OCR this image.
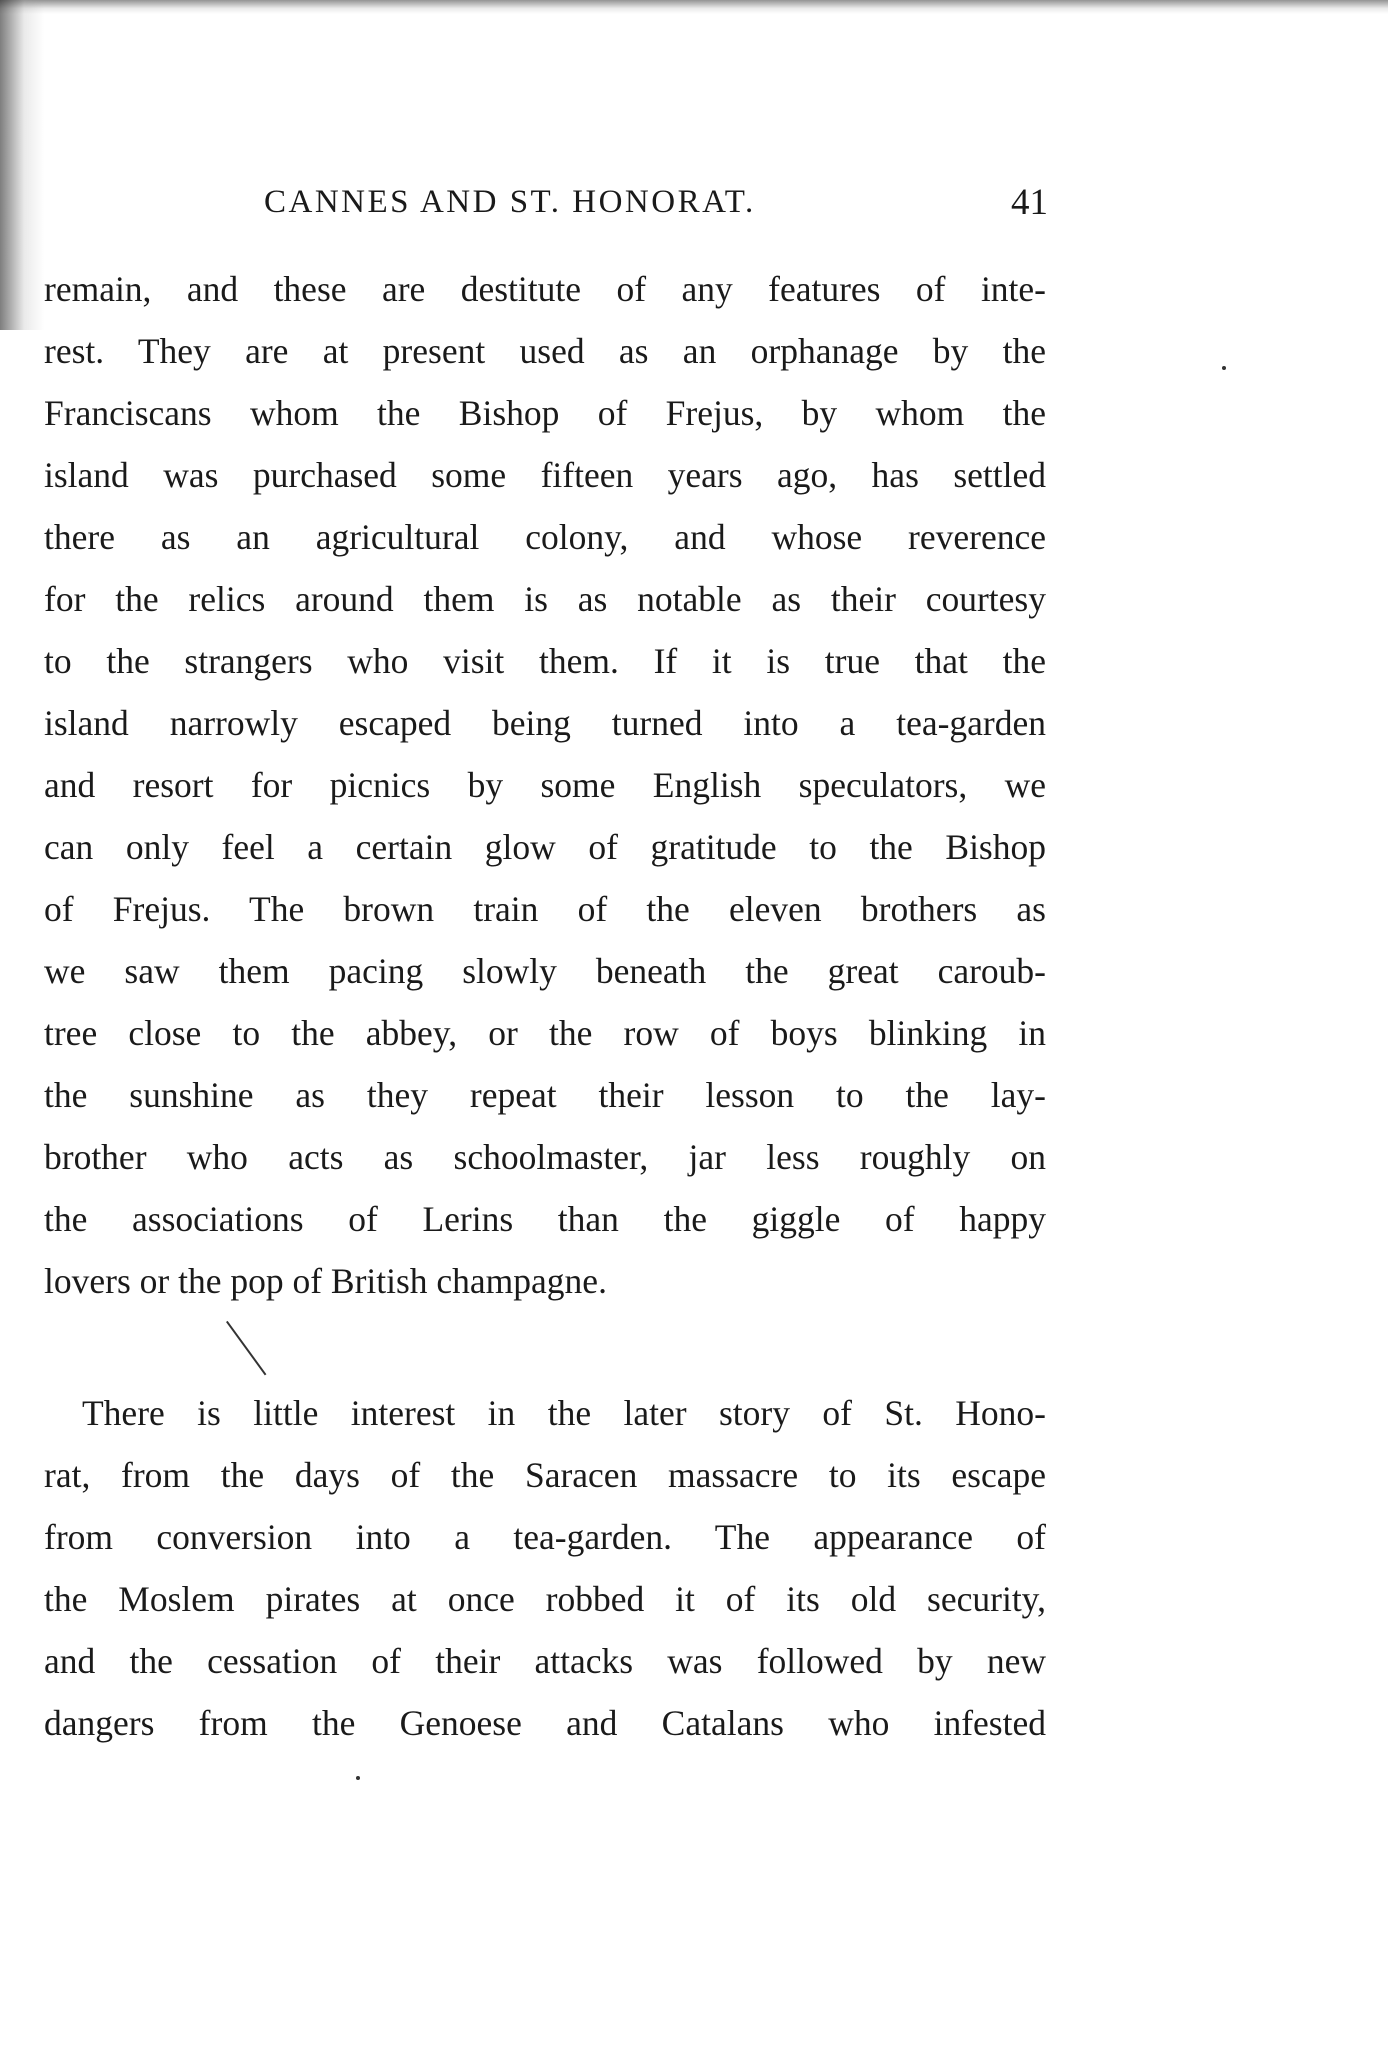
CANNES AND ST. HONORAT.	41
remain, and these are destitute of any features of inte-
rest. They are at present used as an orphanage by the
Franciscans whom the Bishop of Frejus, by whom the
island was purchased some fifteen years ago, has settled
there as an agricultural colony, and whose reverence
for the relics around them is as notable as their courtesy
to the strangers who visit them. If it is true that the
island narrowly escaped being turned into a tea-garden
and resort for picnics by some English speculators, we
can only feel a certain glow of gratitude to the Bishop
of Frejus. The brown train of the eleven brothers as
we saw them pacing slowly beneath the great caroub-
tree close to the abbey, or the row of boys blinking in
the sunshine as they repeat their lesson to the lay-
brother who acts as schoolmaster, jar less roughly on
the associations of Lerins than the giggle of happy
lovers or the pop of British champagne.
There is little interest in the later story of St. Hono-
rat, from the days of the Saracen massacre to its escape
from conversion into a tea-garden. The appearance of
the Moslem pirates at once robbed it of its old security,
and the cessation of their attacks was followed by new
dangers from the Genoese and Catalans who infested
